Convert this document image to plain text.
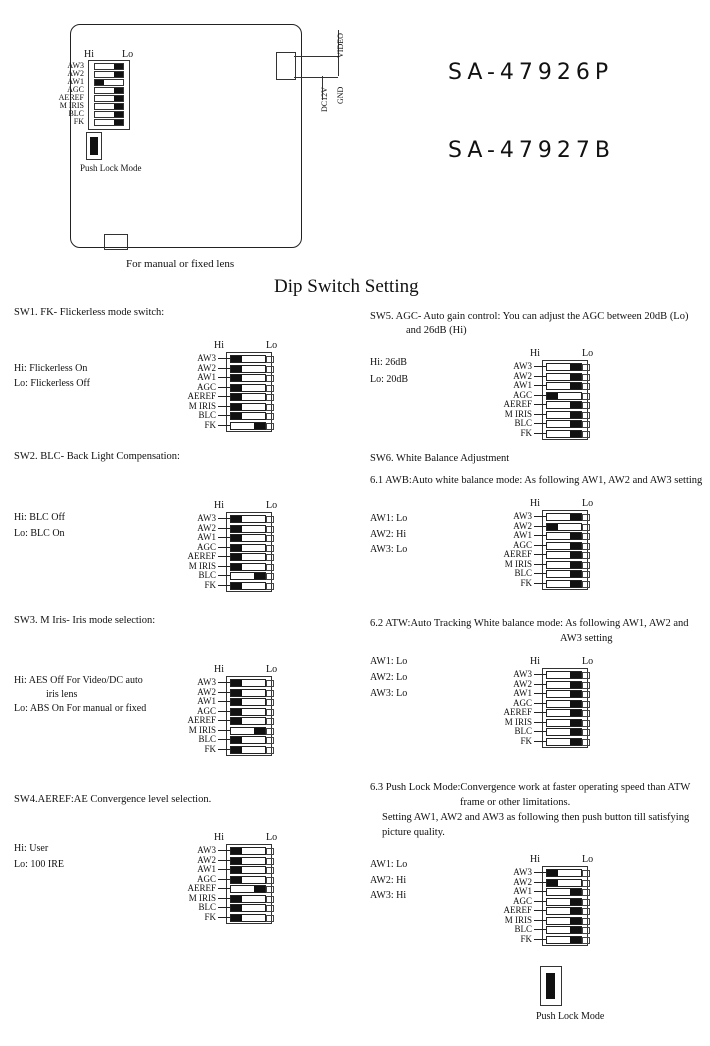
Hi	Lo
AW3
AW2
AW1
AGC
AEREF
M IRIS
BLC
FK
Push Lock Mode
VIDEO
DC12V GND
For manual or fixed lens
SA-47926P
SA-47927B
Dip Switch Setting
SW1. FK- Flickerless mode switch:
Hi: Flickerless On
Lo: Flickerless Off
Hi	Lo
AW3
AW2
AW1
AGC
AEREF
M IRIS
BLC
FK
SW2. BLC- Back Light Compensation:
Hi: BLC Off
Lo: BLC On
Hi	Lo
AW3
AW2
AW1
AGC
AEREF
M IRIS
BLC
FK
SW3. M Iris- Iris mode selection:
Hi: AES Off For Video/DC auto
iris lens
Lo: ABS On For manual or fixed
Hi	Lo
AW3
AW2
AW1
AGC
AEREF
M IRIS
BLC
FK
SW4.AEREF:AE Convergence level selection.
Hi: User
Lo: 100 IRE
Hi	Lo
AW3
AW2
AW1
AGC
AEREF
M IRIS
BLC
FK
SW5. AGC- Auto gain control: You can adjust the AGC between 20dB (Lo)
and 26dB (Hi)
Hi: 26dB
Lo: 20dB
Hi	Lo
AW3
AW2
AW1
AGC
AEREF
M IRIS
BLC
FK
SW6. White Balance Adjustment
6.1 AWB:Auto white balance mode: As following AW1, AW2 and AW3 setting
AW1: Lo
AW2: Hi
AW3: Lo
Hi	Lo
AW3
AW2
AW1
AGC
AEREF
M IRIS
BLC
FK
6.2 ATW:Auto Tracking White balance mode: As following AW1, AW2 and
AW3 setting
AW1: Lo
AW2: Lo
AW3: Lo
Hi	Lo
AW3
AW2
AW1
AGC
AEREF
M IRIS
BLC
FK
6.3 Push Lock Mode:Convergence work at faster operating speed than ATW
frame or other limitations.
Setting AW1, AW2 and AW3 as following then push button till satisfying
picture quality.
AW1: Lo
AW2: Hi
AW3: Hi
Hi	Lo
AW3
AW2
AW1
AGC
AEREF
M IRIS
BLC
FK
Push Lock Mode
